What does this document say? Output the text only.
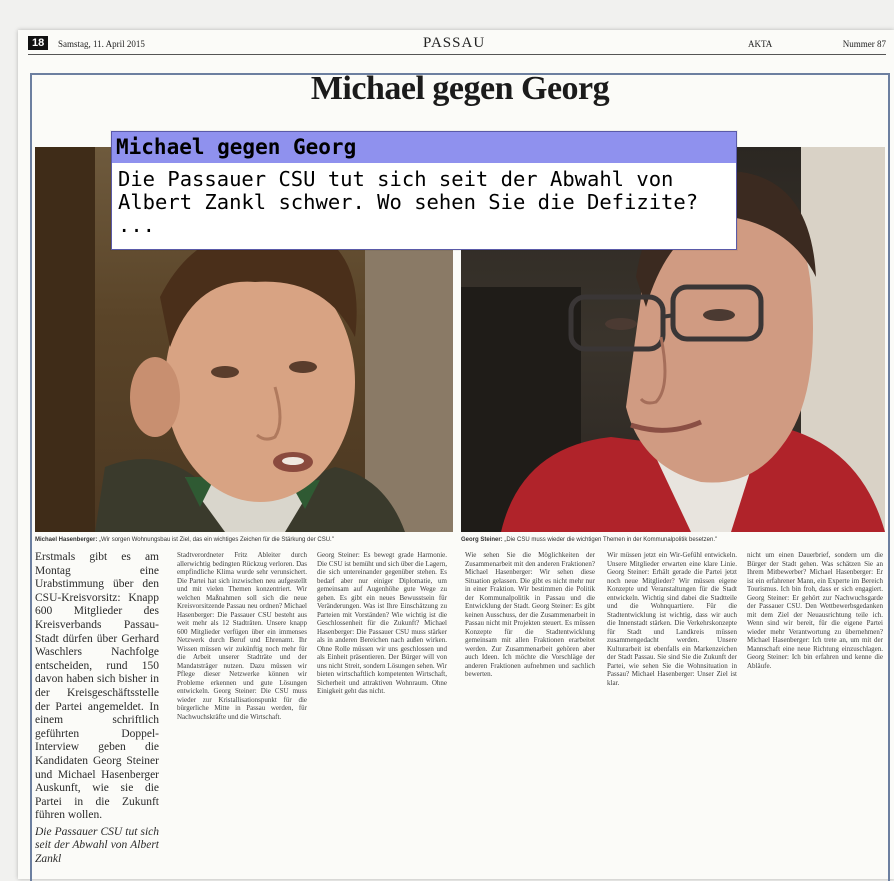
18	Samstag, 11. April 2015	PASSAU	AKTA	Nummer 87
Michael gegen Georg
Michael Hasenberger: „Wir sorgen Wohnungsbau ist Ziel, das ein wichtiges Zeichen für die Stärkung der CSU."	Georg Steiner: „Die CSU muss wieder die wichtigen Themen in der Kommunalpolitik besetzen."

Erstmals gibt es am Montag eine Urabstimmung über den CSU-Kreisvorsitz: Knapp 600 Mitglieder des Kreisverbands Passau-Stadt dürfen über Gerhard Waschlers Nachfolge entscheiden, rund 150 davon haben sich bisher in der Kreisgeschäftsstelle der Partei angemeldet. In einem schriftlich geführten Doppel-Interview geben die Kandidaten Georg Steiner und Michael Hasenberger Auskunft, wie sie die Partei in die Zukunft führen wollen.

Die Passauer CSU tut sich seit der Abwahl von Albert Zankl

Stadtverordneter Fritz Ableiter durch allerwichtig bedingten Rückzug verloren. Das empfindliche Klima wurde sehr verunsichert. Die Partei hat sich inzwischen neu aufgestellt und mit vielen Themen konzentriert. Wir welchen Maßnahmen soll sich die neue Kreisvorsitzende Passau neu ordnen? Michael Hasenberger: Die Passauer CSU besteht aus weit mehr als 12 Stadträten. Unsere knapp 600 Mitglieder verfügen über ein immenses Netzwerk durch Beruf und Ehrenamt. Ihr Wissen müssen wir zukünftig noch mehr für die Arbeit unserer Stadträte und der Mandatsträger nutzen. Dazu müssen wir Pflege dieser Netzwerke können wir Probleme erkennen und gute Lösungen entwickeln. Georg Steiner: Die CSU muss wieder zur Kristallisationspunkt für die bürgerliche Mitte in Passau werden, für Nachwuchskräfte und die Wirtschaft.

Georg Steiner: Es bewegt grade Harmonie. Die CSU ist bemüht und sich über die Lagern, die sich untereinander gegenüber stehen. Es bedarf aber nur einiger Diplomatie, um gemeinsam auf Augenhöhe gute Wege zu gehen. Es gibt ein neues Bewusstsein für Veränderungen. Was ist Ihre Einschätzung zu Parteien mit Vorständen? Wie wichtig ist die Geschlossenheit für die Zukunft? Michael Hasenberger: Die Passauer CSU muss stärker als in anderen Bereichen nach außen wirken. Ohne Rolle müssen wir uns geschlossen und als Einheit präsentieren. Der Bürger will von uns nicht Streit, sondern Lösungen sehen. Wir bieten wirtschaftlich kompetenten Wirtschaft, Sicherheit und attraktiven Wohnraum. Ohne Einigkeit geht das nicht.

Wie sehen Sie die Möglichkeiten der Zusammenarbeit mit den anderen Fraktionen? Michael Hasenberger: Wir sehen diese Situation gelassen. Die gibt es nicht mehr nur in einer Fraktion. Wir bestimmen die Politik der Kommunalpolitik in Passau und die Entwicklung der Stadt. Georg Steiner: Es gibt keinen Ausschuss, der die Zusammenarbeit in Passau nicht mit Projekten steuert. Es müssen Konzepte für die Stadtentwicklung gemeinsam mit allen Fraktionen erarbeitet werden. Zur Zusammenarbeit gehören aber auch Ideen. Ich möchte die Vorschläge der anderen Fraktionen aufnehmen und sachlich bewerten.

Wir müssen jetzt ein Wir-Gefühl entwickeln. Unsere Mitglieder erwarten eine klare Linie. Georg Steiner: Erhält gerade die Partei jetzt noch neue Mitglieder? Wir müssen eigene Konzepte und Veranstaltungen für die Stadt entwickeln. Wichtig sind dabei die Stadtteile und die Wohnquartiere. Für die Stadtentwicklung ist wichtig, dass wir auch die Innenstadt stärken. Die Verkehrskonzepte für Stadt und Landkreis müssen zusammengedacht werden. Unsere Kulturarbeit ist ebenfalls ein Markenzeichen der Stadt Passau. Sie sind Sie die Zukunft der Partei, wie sehen Sie die Wohnsituation in Passau? Michael Hasenberger: Unser Ziel ist klar.

nicht um einen Dauerbrief, sondern um die Bürger der Stadt gehen. Was schätzen Sie an Ihrem Mitbewerber? Michael Hasenberger: Er ist ein erfahrener Mann, ein Experte im Bereich Tourismus. Ich bin froh, dass er sich engagiert. Georg Steiner: Er gehört zur Nachwuchsgarde der Passauer CSU. Den Wettbewerbsgedanken mit dem Ziel der Neuausrichtung teile ich. Wenn sind wir bereit, für die eigene Partei wieder mehr Verantwortung zu übernehmen? Michael Hasenberger: Ich trete an, um mit der Mannschaft eine neue Richtung einzuschlagen. Georg Steiner: Ich bin erfahren und kenne die Abläufe.

Michael gegen Georg
Die Passauer CSU tut sich seit der Abwahl von Albert Zankl schwer. Wo sehen Sie die Defizite? ...
